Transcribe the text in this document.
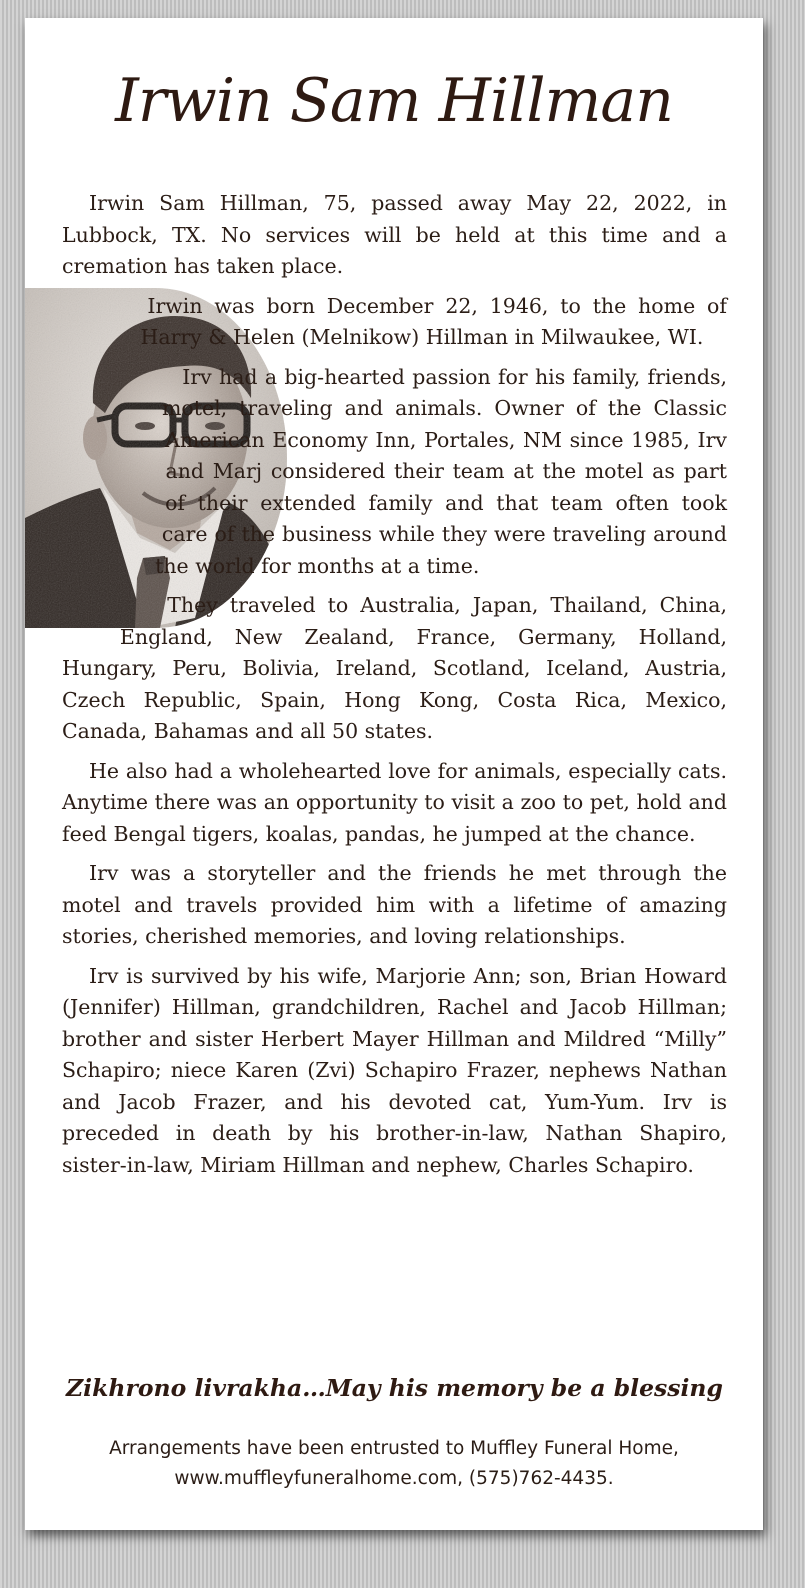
Irwin Sam Hillman

Irwin Sam Hillman, 75, passed away May 22, 2022, in Lubbock, TX. No services will be held at this time and a cremation has taken place.

Irwin was born December 22, 1946, to the home of Harry & Helen (Melnikow) Hillman in Milwaukee, WI.

Irv had a big-hearted passion for his family, friends, motel, traveling and animals. Owner of the Classic American Economy Inn, Portales, NM since 1985, Irv and Marj considered their team at the motel as part of their extended family and that team often took care of the business while they were traveling around the world for months at a time.

They traveled to Australia, Japan, Thailand, China, England, New Zealand, France, Germany, Holland, Hungary, Peru, Bolivia, Ireland, Scotland, Iceland, Austria, Czech Republic, Spain, Hong Kong, Costa Rica, Mexico, Canada, Bahamas and all 50 states.

He also had a wholehearted love for animals, especially cats. Anytime there was an opportunity to visit a zoo to pet, hold and feed Bengal tigers, koalas, pandas, he jumped at the chance.

Irv was a storyteller and the friends he met through the motel and travels provided him with a lifetime of amazing stories, cherished memories, and loving relationships.

Irv is survived by his wife, Marjorie Ann; son, Brian Howard (Jennifer) Hillman, grandchildren, Rachel and Jacob Hillman; brother and sister Herbert Mayer Hillman and Mildred “Milly” Schapiro; niece Karen (Zvi) Schapiro Frazer, nephews Nathan and Jacob Frazer, and his devoted cat, Yum-Yum. Irv is preceded in death by his brother-in-law, Nathan Shapiro, sister-in-law, Miriam Hillman and nephew, Charles Schapiro.

Zikhrono livrakha…May his memory be a blessing
Arrangements have been entrusted to Muffley Funeral Home,
www.muffleyfuneralhome.com, (575)762-4435.
